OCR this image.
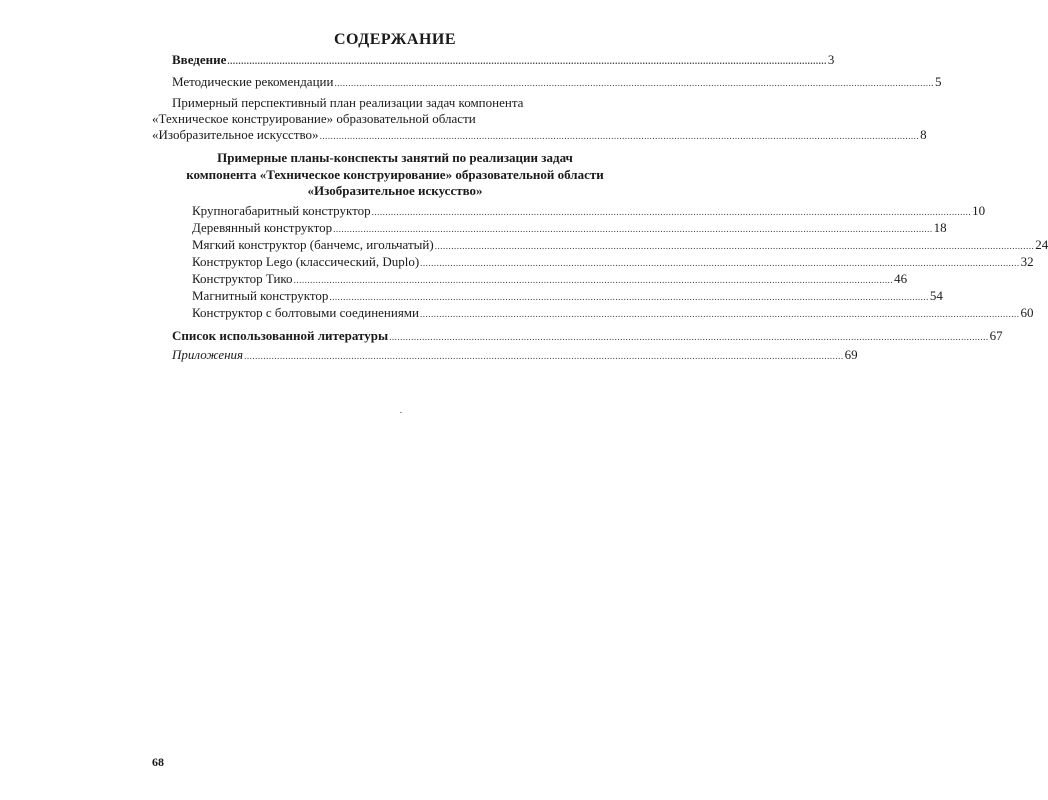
СОДЕРЖАНИЕ
Введение .......................................................................................................................................................................................................................... 3
Методические рекомендации .......................................................................................................................................................................................................................... 5
Примерный перспективный план реализации задач компонента
«Техническое конструирование» образовательной области
«Изобразительное искусство» .......................................................................................................................................................................................................................... 8
Примерные планы-конспекты занятий по реализации задач
компонента «Техническое конструирование» образовательной области
«Изобразительное искусство»
Крупногабаритный конструктор .......................................................................................................................................................................................................................... 10
Деревянный конструктор .......................................................................................................................................................................................................................... 18
Мягкий конструктор (банчемс, игольчатый) .......................................................................................................................................................................................................................... 24
Конструктор Lego (классический, Duplo) .......................................................................................................................................................................................................................... 32
Конструктор Тико .......................................................................................................................................................................................................................... 46
Магнитный конструктор .......................................................................................................................................................................................................................... 54
Конструктор с болтовыми соединениями .......................................................................................................................................................................................................................... 60
Список использованной литературы .......................................................................................................................................................................................................................... 67
Приложения .......................................................................................................................................................................................................................... 69
68
